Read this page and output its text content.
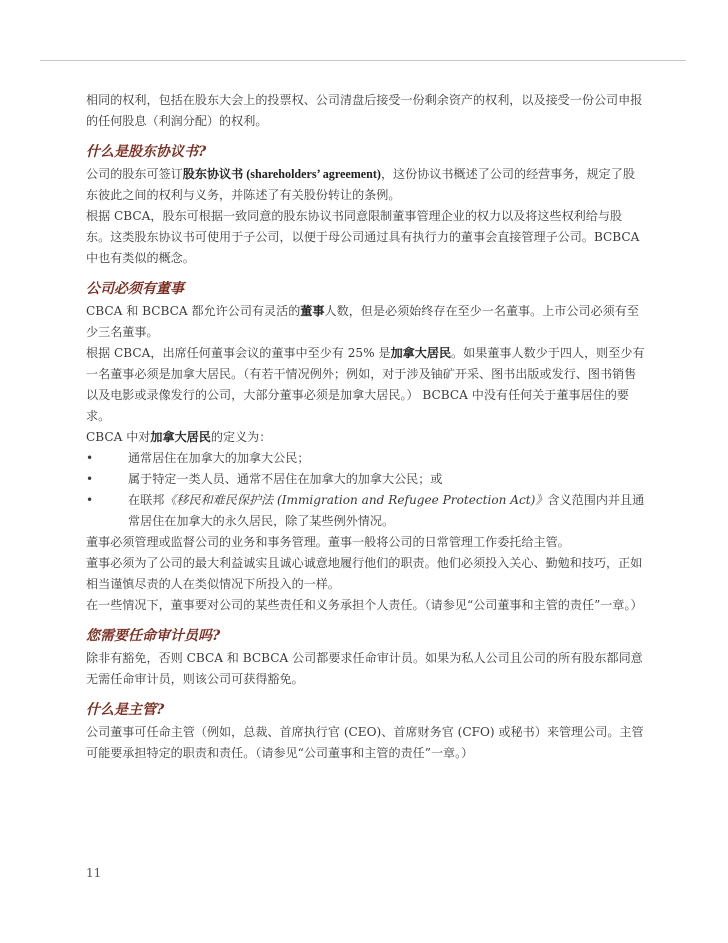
相同的权利，包括在股东大会上的投票权、公司清盘后接受一份剩余资产的权利，以及接受一份公司申报的任何股息（利润分配）的权利。

什么是股东协议书?

公司的股东可签订股东协议书 (shareholders’ agreement)，这份协议书概述了公司的经营事务，规定了股东彼此之间的权利与义务，并陈述了有关股份转让的条例。

根据 CBCA，股东可根据一致同意的股东协议书同意限制董事管理企业的权力以及将这些权利给与股东。这类股东协议书可使用于子公司，以便于母公司通过具有执行力的董事会直接管理子公司。BCBCA 中也有类似的概念。

公司必须有董事

CBCA 和 BCBCA 都允许公司有灵活的董事人数，但是必须始终存在至少一名董事。上市公司必须有至少三名董事。

根据 CBCA，出席任何董事会议的董事中至少有 25% 是加拿大居民。如果董事人数少于四人，则至少有一名董事必须是加拿大居民。（有若干情况例外；例如，对于涉及铀矿开采、图书出版或发行、图书销售以及电影或录像发行的公司，大部分董事必须是加拿大居民。） BCBCA 中没有任何关于董事居住的要求。

CBCA 中对加拿大居民的定义为：

•	通常居住在加拿大的加拿大公民；

•	属于特定一类人员、通常不居住在加拿大的加拿大公民；或

•	在联邦《移民和难民保护法 (Immigration and Refugee Protection Act)》含义范围内并且通常居住在加拿大的永久居民，除了某些例外情况。

董事必须管理或监督公司的业务和事务管理。董事一般将公司的日常管理工作委托给主管。

董事必须为了公司的最大利益诚实且诚心诚意地履行他们的职责。他们必须投入关心、勤勉和技巧，正如相当谨慎尽责的人在类似情况下所投入的一样。

在一些情况下，董事要对公司的某些责任和义务承担个人责任。（请参见“公司董事和主管的责任”一章。）

您需要任命审计员吗?

除非有豁免，否则 CBCA 和 BCBCA 公司都要求任命审计员。如果为私人公司且公司的所有股东都同意无需任命审计员，则该公司可获得豁免。

什么是主管?

公司董事可任命主管（例如，总裁、首席执行官 (CEO)、首席财务官 (CFO) 或秘书）来管理公司。主管可能要承担特定的职责和责任。（请参见“公司董事和主管的责任”一章。）

11
